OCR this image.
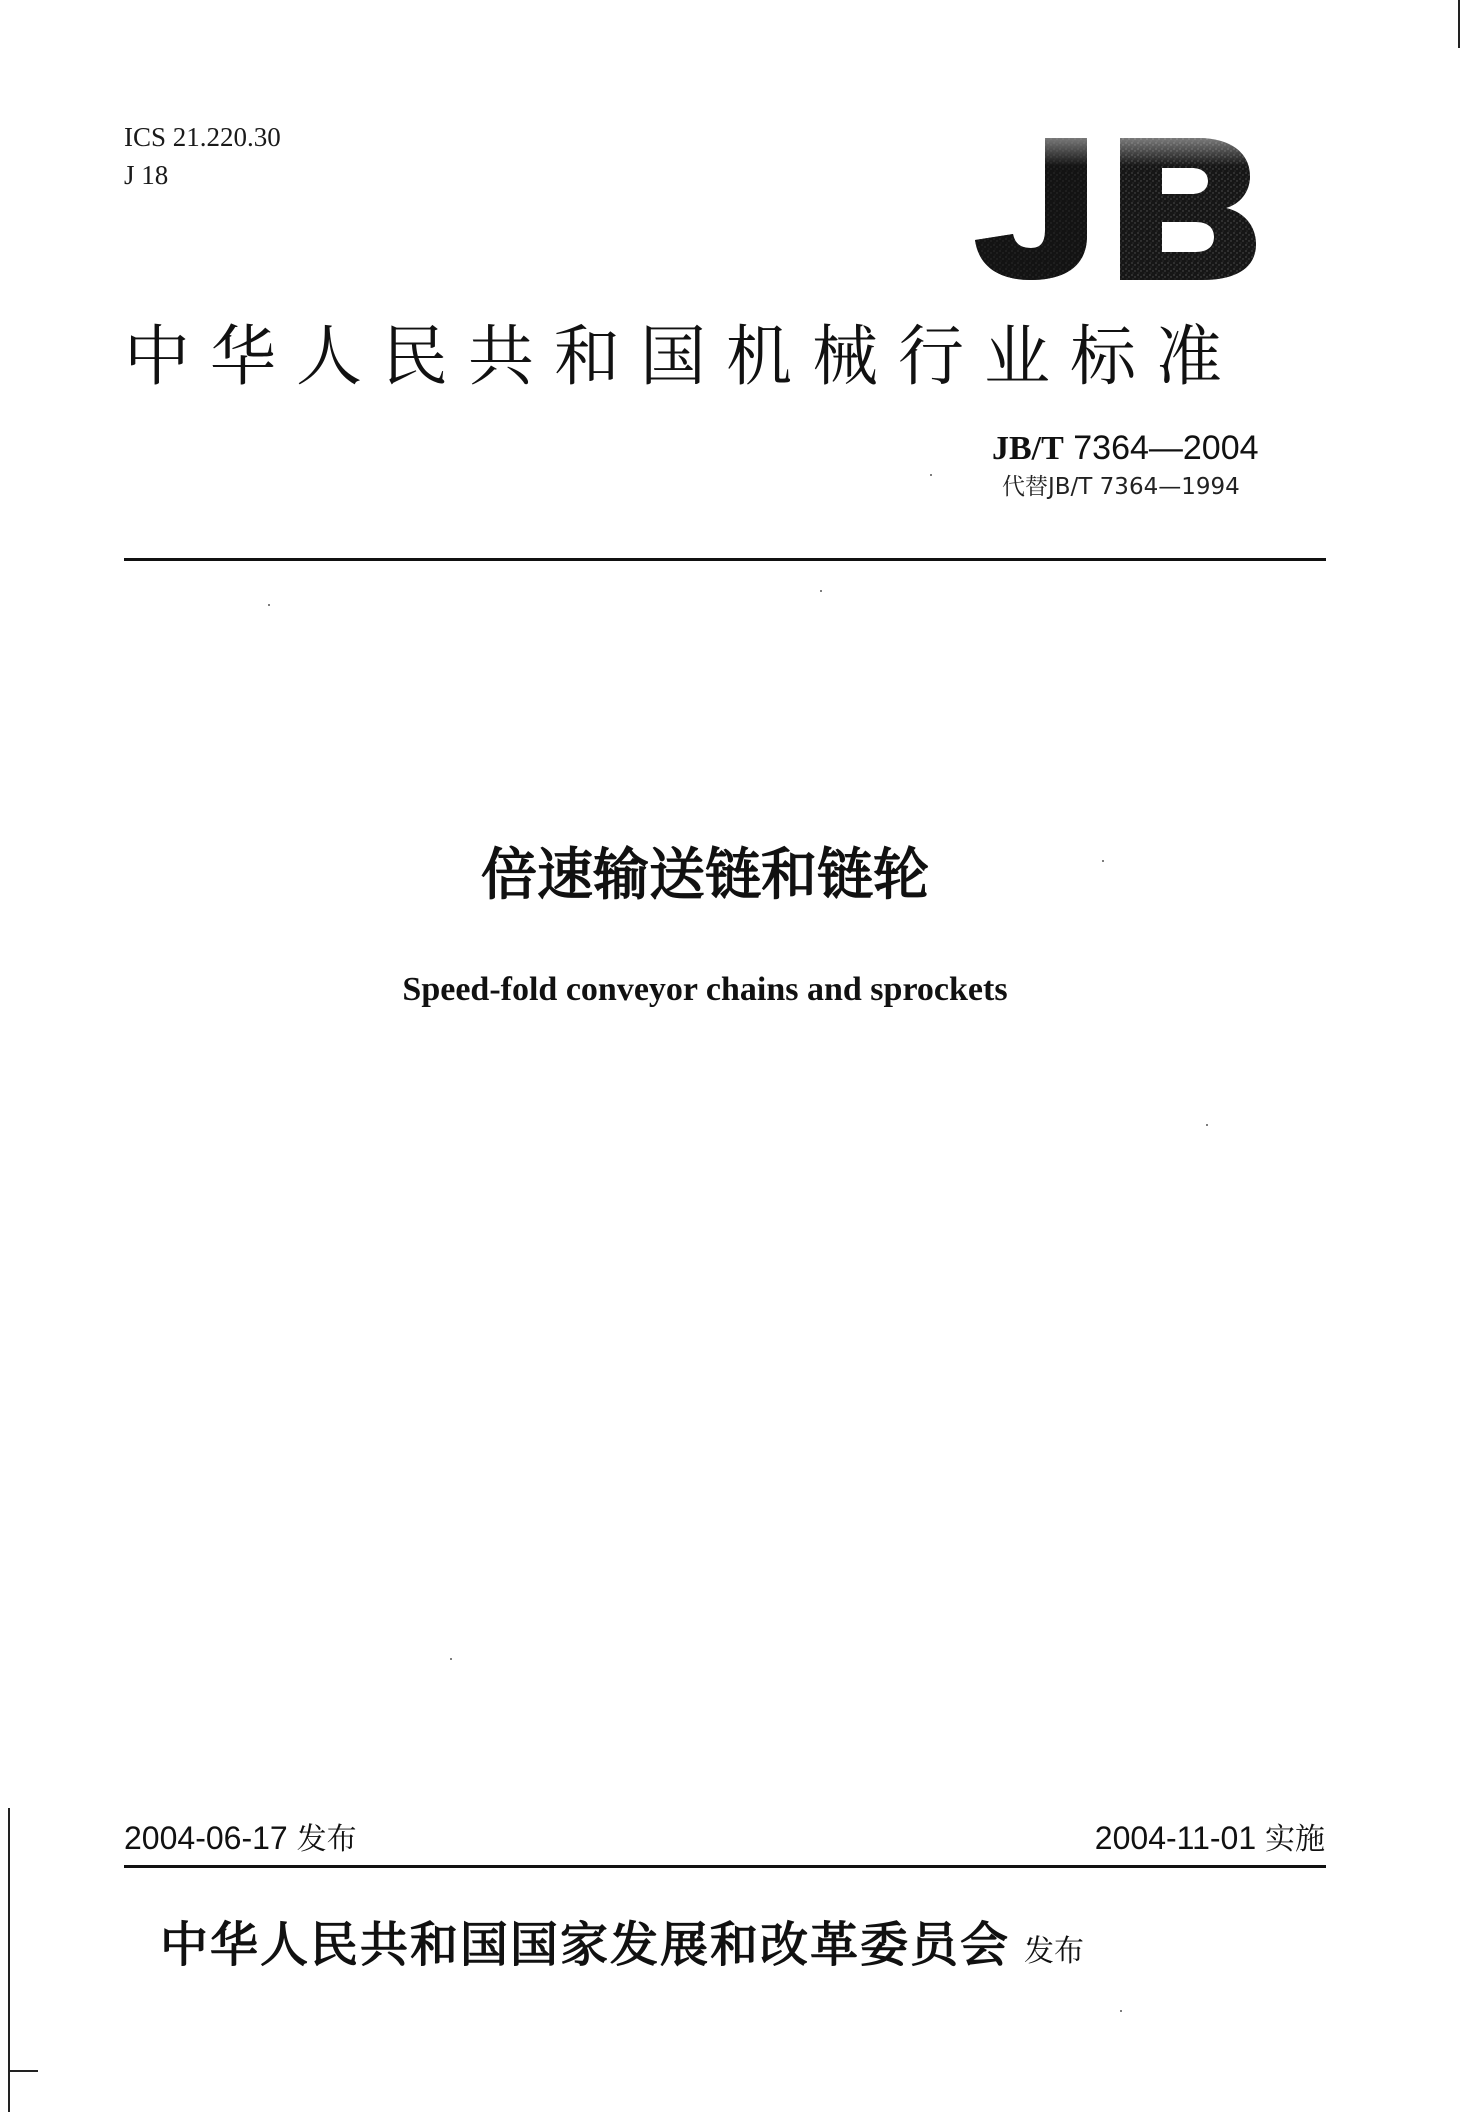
ICS 21.220.30
J 18
中华人民共和国机械行业标准
JB/T 7364—2004
代替JB/T 7364—1994
倍速输送链和链轮
Speed-fold conveyor chains and sprockets
2004-06-17 发布	2004-11-01 实施
中华人民共和国国家发展和改革委员会 发布
